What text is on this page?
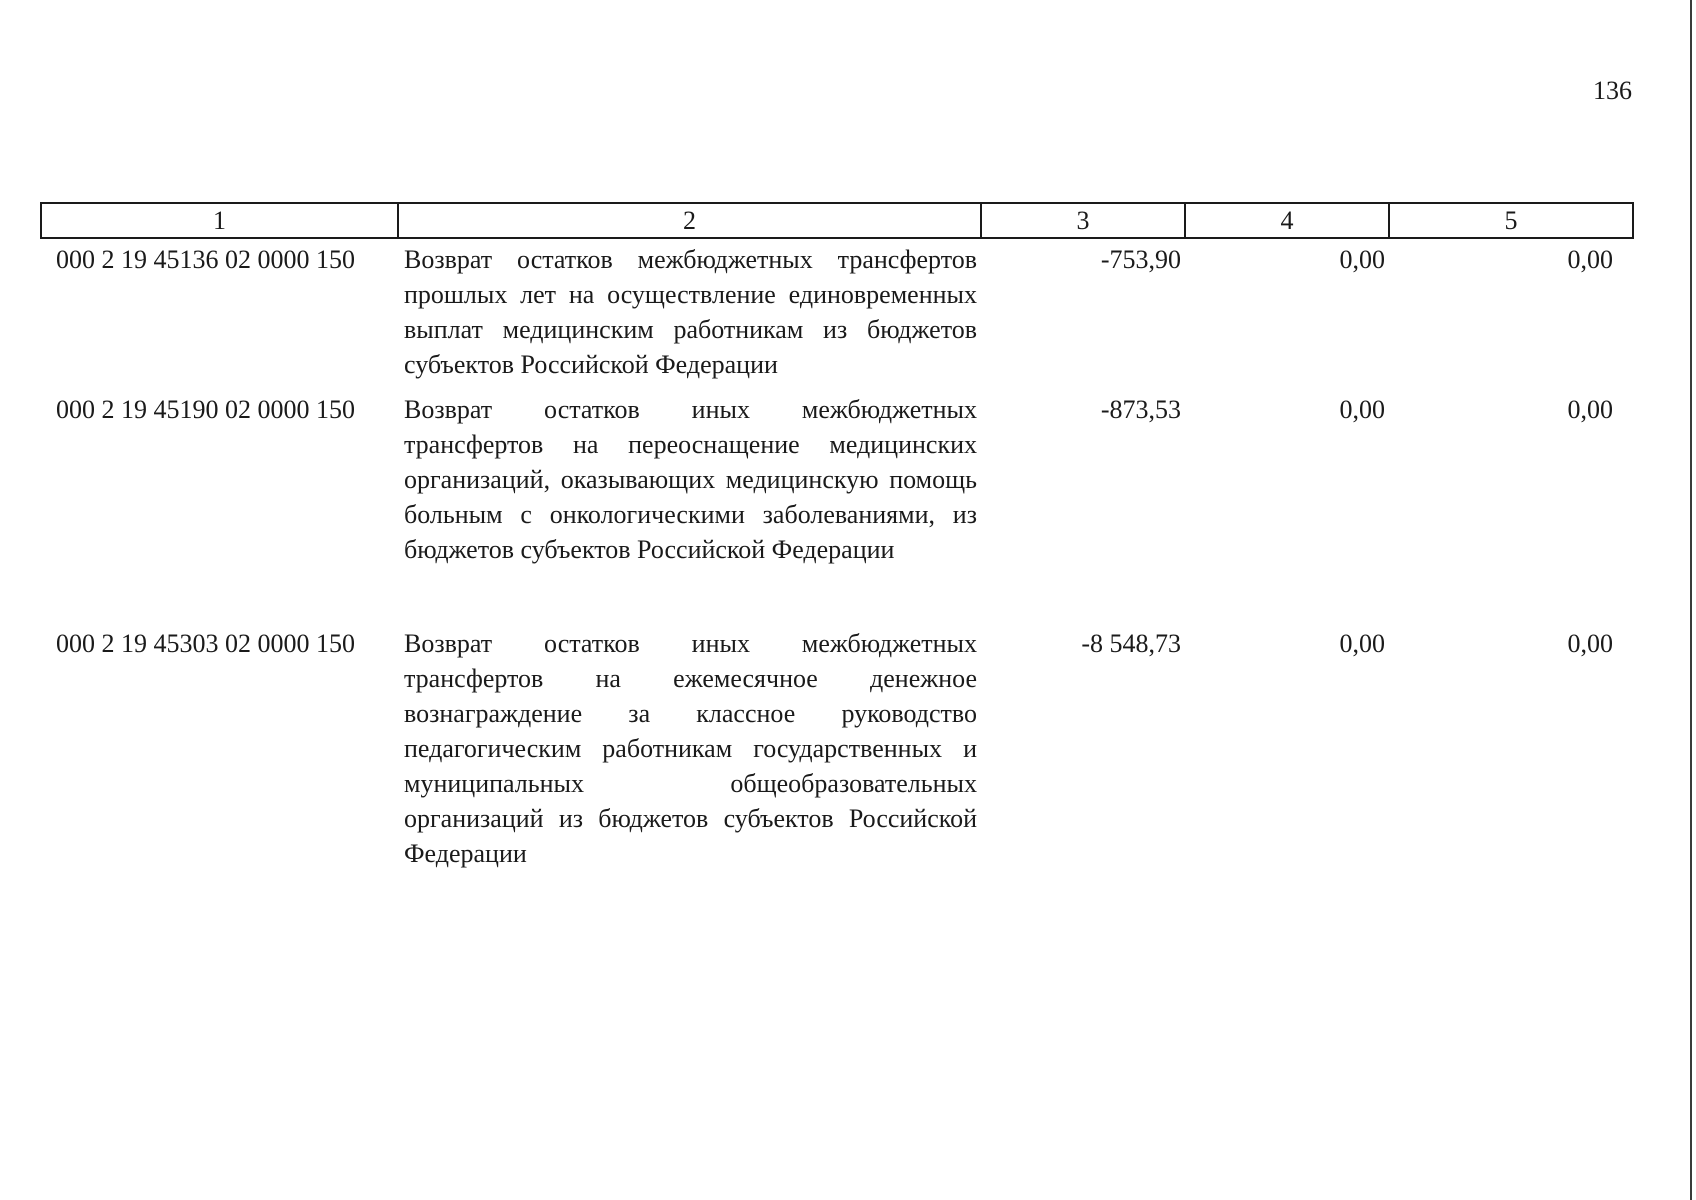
136
1	2	3	4	5
000 2 19 45136 02 0000 150	Возврат остатков межбюджетных трансфертов прошлых лет на осуществление единовременных выплат медицинским работникам из бюджетов субъектов Российской Федерации	-753,90	0,00	0,00
000 2 19 45190 02 0000 150	Возврат остатков иных межбюджетных трансфертов на переоснащение медицинских организаций, оказывающих медицинскую помощь больным с онкологическими заболеваниями, из бюджетов субъектов Российской Федерации	-873,53	0,00	0,00
000 2 19 45303 02 0000 150	Возврат остатков иных межбюджетных трансфертов на ежемесячное денежное вознаграждение за классное руководство педагогическим работникам государственных и муниципальных общеобразовательных организаций из бюджетов субъектов Российской Федерации	-8 548,73	0,00	0,00
